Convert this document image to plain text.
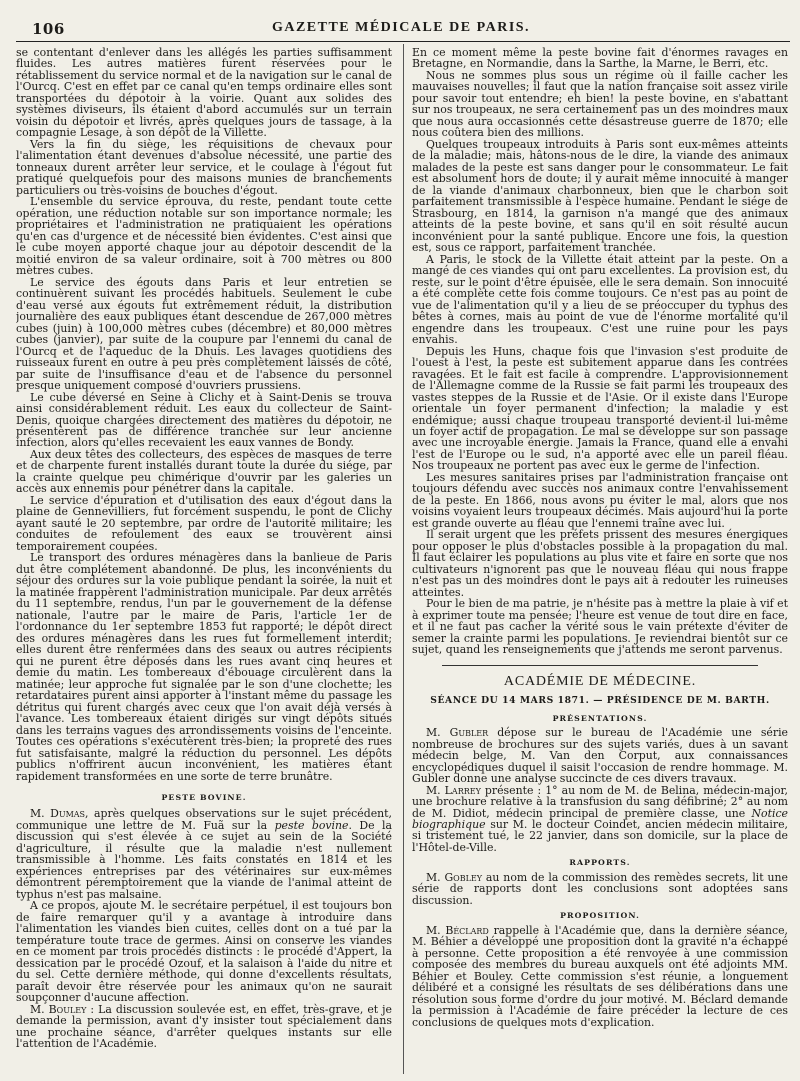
106	GAZETTE MÉDICALE DE PARIS.

se contentant d'enlever dans les allégés les parties suffisamment fluides. Les autres matières furent réservées pour le rétablissement du service normal et de la navigation sur le canal de l'Ourcq. C'est en effet par ce canal qu'en temps ordinaire elles sont transportées du dépotoir à la voirie. Quant aux solides des systèmes diviseurs, ils étaient d'abord accumulés sur un terrain voisin du dépotoir et livrés, après quelques jours de tassage, à la compagnie Lesage, à son dépôt de la Villette.

Vers la fin du siège, les réquisitions de chevaux pour l'alimentation étant devenues d'absolue nécessité, une partie des tonneaux durent arrêter leur service, et le coulage à l'égout fut pratiqué quelquefois pour des maisons munies de branchements particuliers ou très-voisins de bouches d'égout.

L'ensemble du service éprouva, du reste, pendant toute cette opération, une réduction notable sur son importance normale; les propriétaires et l'administration ne pratiquaient les opérations qu'en cas d'urgence et de nécessité bien évidentes. C'est ainsi que le cube moyen apporté chaque jour au dépotoir descendit de la moitié environ de sa valeur ordinaire, soit à 700 mètres ou 800 mètres cubes.

Le service des égouts dans Paris et leur entretien se continuèrent suivant les procédés habituels. Seulement le cube d'eau versé aux égouts fut extrêmement réduit, la distribution journalière des eaux publiques étant descendue de 267,000 mètres cubes (juin) à 100,000 mètres cubes (décembre) et 80,000 mètres cubes (janvier), par suite de la coupure par l'ennemi du canal de l'Ourcq et de l'aqueduc de la Dhuis. Les lavages quotidiens des ruisseaux furent en outre à peu près complètement laissés de côté, par suite de l'insuffisance d'eau et de l'absence du personnel presque uniquement composé d'ouvriers prussiens.

Le cube déversé en Seine à Clichy et à Saint-Denis se trouva ainsi considérablement réduit. Les eaux du collecteur de Saint-Denis, quoique chargées directement des matières du dépotoir, ne présentèrent pas de différence tranchée sur leur ancienne infection, alors qu'elles recevaient les eaux vannes de Bondy.

Aux deux têtes des collecteurs, des espèces de masques de terre et de charpente furent installés durant toute la durée du siége, par la crainte quelque peu chimérique d'ouvrir par les galeries un accès aux ennemis pour pénétrer dans la capitale.

Le service d'épuration et d'utilisation des eaux d'égout dans la plaine de Gennevilliers, fut forcément suspendu, le pont de Clichy ayant sauté le 20 septembre, par ordre de l'autorité militaire; les conduites de refoulement des eaux se trouvèrent ainsi temporairement coupées.

Le transport des ordures ménagères dans la banlieue de Paris dut être complétement abandonné. De plus, les inconvénients du séjour des ordures sur la voie publique pendant la soirée, la nuit et la matinée frappèrent l'administration municipale. Par deux arrêtés du 11 septembre, rendus, l'un par le gouvernement de la défense nationale, l'autre par le maire de Paris, l'article 1er de l'ordonnance du 1er septembre 1853 fut rapporté; le dépôt direct des ordures ménagères dans les rues fut formellement interdit; elles durent être renfermées dans des seaux ou autres récipients qui ne purent être déposés dans les rues avant cinq heures et demie du matin. Les tombereaux d'ébouage circulèrent dans la matinée; leur approche fut signalée par le son d'une clochette; les retardataires purent ainsi apporter à l'instant même du passage les détritus qui furent chargés avec ceux que l'on avait déjà versés à l'avance. Les tombereaux étaient dirigés sur vingt dépôts situés dans les terrains vagues des arrondissements voisins de l'enceinte. Toutes ces opérations s'exécutèrent très-bien; la propreté des rues fut satisfaisante, malgré la réduction du personnel. Les dépôts publics n'offrirent aucun inconvénient, les matières étant rapidement transformées en une sorte de terre brunâtre.

PESTE BOVINE.

M. Dumas, après quelques observations sur le sujet précédent, communique une lettre de M. Fuã sur la peste bovine. De la discussion qui s'est élevée à ce sujet au sein de la Société d'agriculture, il résulte que la maladie n'est nullement transmissible à l'homme. Les faits constatés en 1814 et les expériences entreprises par des vétérinaires sur eux-mêmes démontrent péremptoirement que la viande de l'animal atteint de typhus n'est pas malsaine.

A ce propos, ajoute M. le secrétaire perpétuel, il est toujours bon de faire remarquer qu'il y a avantage à introduire dans l'alimentation les viandes bien cuites, celles dont on a tué par la température toute trace de germes. Ainsi on conserve les viandes en ce moment par trois procédés distincts : le procédé d'Appert, la dessication par le procédé Ozouf, et la salaison à l'aide du nitre et du sel. Cette dernière méthode, qui donne d'excellents résultats, paraît devoir être réservée pour les animaux qu'on ne saurait soupçonner d'aucune affection.

M. Bouley : La discussion soulevée est, en effet, très-grave, et je demande la permission, avant d'y insister tout spécialement dans une prochaine séance, d'arrêter quelques instants sur elle l'attention de l'Académie.

En ce moment même la peste bovine fait d'énormes ravages en Bretagne, en Normandie, dans la Sarthe, la Marne, le Berri, etc.

Nous ne sommes plus sous un régime où il faille cacher les mauvaises nouvelles; il faut que la nation française soit assez virile pour savoir tout entendre; eh bien! la peste bovine, en s'abattant sur nos troupeaux, ne sera certainement pas un des moindres maux que nous aura occasionnés cette désastreuse guerre de 1870; elle nous coûtera bien des millions.

Quelques troupeaux introduits à Paris sont eux-mêmes atteints de la maladie; mais, hâtons-nous de le dire, la viande des animaux malades de la peste est sans danger pour le consommateur. Le fait est absolument hors de doute; il y aurait même innocuité à manger de la viande d'animaux charbonneux, bien que le charbon soit parfaitement transmissible à l'espèce humaine. Pendant le siége de Strasbourg, en 1814, la garnison n'a mangé que des animaux atteints de la peste bovine, et sans qu'il en soit résulté aucun inconvénient pour la santé publique. Encore une fois, la question est, sous ce rapport, parfaitement tranchée.

A Paris, le stock de la Villette était atteint par la peste. On a mangé de ces viandes qui ont paru excellentes. La provision est, du reste, sur le point d'être épuisée, elle le sera demain. Son innocuité a été complète cette fois comme toujours. Ce n'est pas au point de vue de l'alimentation qu'il y a lieu de se préoccuper du typhus des bêtes à cornes, mais au point de vue de l'énorme mortalité qu'il engendre dans les troupeaux. C'est une ruine pour les pays envahis.

Depuis les Huns, chaque fois que l'invasion s'est produite de l'ouest à l'est, la peste est subitement apparue dans les contrées ravagées. Et le fait est facile à comprendre. L'approvisionnement de l'Allemagne comme de la Russie se fait parmi les troupeaux des vastes steppes de la Russie et de l'Asie. Or il existe dans l'Europe orientale un foyer permanent d'infection; la maladie y est endémique; aussi chaque troupeau transporté devient-il lui-même un foyer actif de propagation. Le mal se développe sur son passage avec une incroyable énergie. Jamais la France, quand elle a envahi l'est de l'Europe ou le sud, n'a apporté avec elle un pareil fléau. Nos troupeaux ne portent pas avec eux le germe de l'infection.

Les mesures sanitaires prises par l'administration française ont toujours défendu avec succès nos animaux contre l'envahissement de la peste. En 1866, nous avons pu éviter le mal, alors que nos voisins voyaient leurs troupeaux décimés. Mais aujourd'hui la porte est grande ouverte au fléau que l'ennemi traîne avec lui.

Il serait urgent que les préfets prissent des mesures énergiques pour opposer le plus d'obstacles possible à la propagation du mal. Il faut éclairer les populations au plus vite et faire en sorte que nos cultivateurs n'ignorent pas que le nouveau fléau qui nous frappe n'est pas un des moindres dont le pays ait à redouter les ruineuses atteintes.

Pour le bien de ma patrie, je n'hésite pas à mettre la plaie à vif et à exprimer toute ma pensée; l'heure est venue de tout dire en face, et il ne faut pas cacher la vérité sous le vain prétexte d'éviter de semer la crainte parmi les populations. Je reviendrai bientôt sur ce sujet, quand les renseignements que j'attends me seront parvenus.

ACADÉMIE DE MÉDECINE.
SÉANCE DU 14 MARS 1871. — PRÉSIDENCE DE M. BARTH.
PRÉSENTATIONS.

M. Gubler dépose sur le bureau de l'Académie une série nombreuse de brochures sur des sujets variés, dues à un savant médecin belge, M. Van den Corput, aux connaissances encyclopédiques duquel il saisit l'occasion de rendre hommage. M. Gubler donne une analyse succincte de ces divers travaux.

M. Larrey présente : 1° au nom de M. de Belina, médecin-major, une brochure relative à la transfusion du sang défibriné; 2° au nom de M. Didiot, médecin principal de première classe, une Notice biographique sur M. le docteur Coindet, ancien médecin militaire, si tristement tué, le 22 janvier, dans son domicile, sur la place de l'Hôtel-de-Ville.

RAPPORTS.

M. Gobley au nom de la commission des remèdes secrets, lit une série de rapports dont les conclusions sont adoptées sans discussion.

PROPOSITION.

M. Béclard rappelle à l'Académie que, dans la dernière séance, M. Béhier a développé une proposition dont la gravité n'a échappé à personne. Cette proposition a été renvoyée à une commission composée des membres du bureau auxquels ont été adjoints MM. Béhier et Bouley. Cette commission s'est réunie, a longuement délibéré et a consigné les résultats de ses délibérations dans une résolution sous forme d'ordre du jour motivé. M. Béclard demande la permission à l'Académie de faire précéder la lecture de ces conclusions de quelques mots d'explication.
